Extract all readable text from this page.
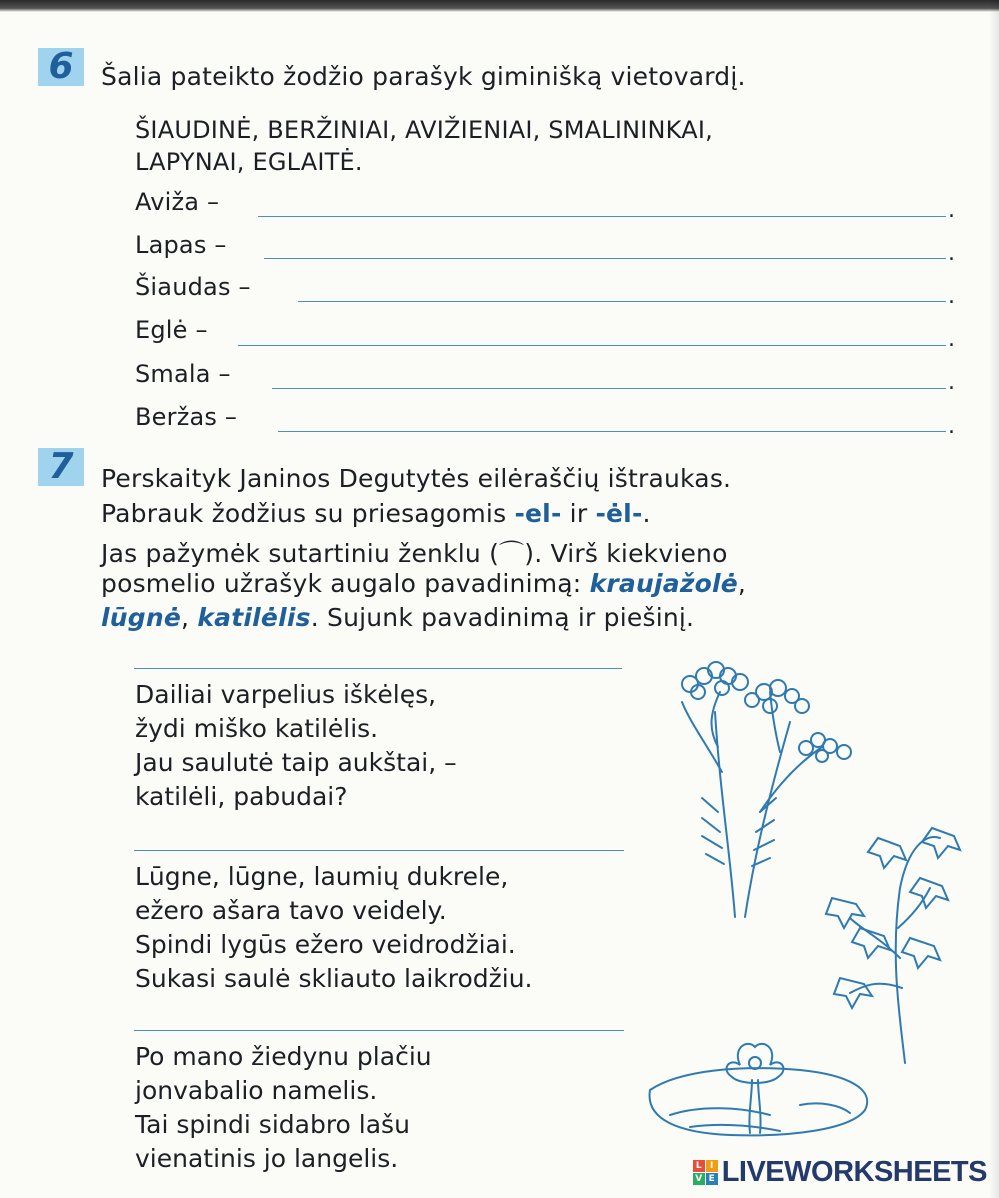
6	Šalia pateikto žodžio parašyk giminišką vietovardį.
ŠIAUDINĖ, BERŽINIAI, AVIŽIENIAI, SMALININKAI,
LAPYNAI, EGLAITĖ.
Aviža –	.
Lapas –	.
Šiaudas –	.
Eglė –	.
Smala –	.
Beržas –	.
7	Perskaityk Janinos Degutytės eilėraščių ištraukas.
Pabrauk žodžius su priesagomis -el- ir -ėl-.
Jas pažymėk sutartiniu ženklu (⌒). Virš kiekvieno
posmelio užrašyk augalo pavadinimą: kraujažolė,
lūgnė, katilėlis. Sujunk pavadinimą ir piešinį.
Dailiai varpelius iškėlęs,
žydi miško katilėlis.
Jau saulutė taip aukštai, –
katilėli, pabudai?
Lūgne, lūgne, laumių dukrele,
ežero ašara tavo veidely.
Spindi lygūs ežero veidrodžiai.
Sukasi saulė skliauto laikrodžiu.
Po mano žiedynu plačiu
jonvabalio namelis.
Tai spindi sidabro lašu
vienatinis jo langelis.	L I
V E LIVEWORKSHEETS
